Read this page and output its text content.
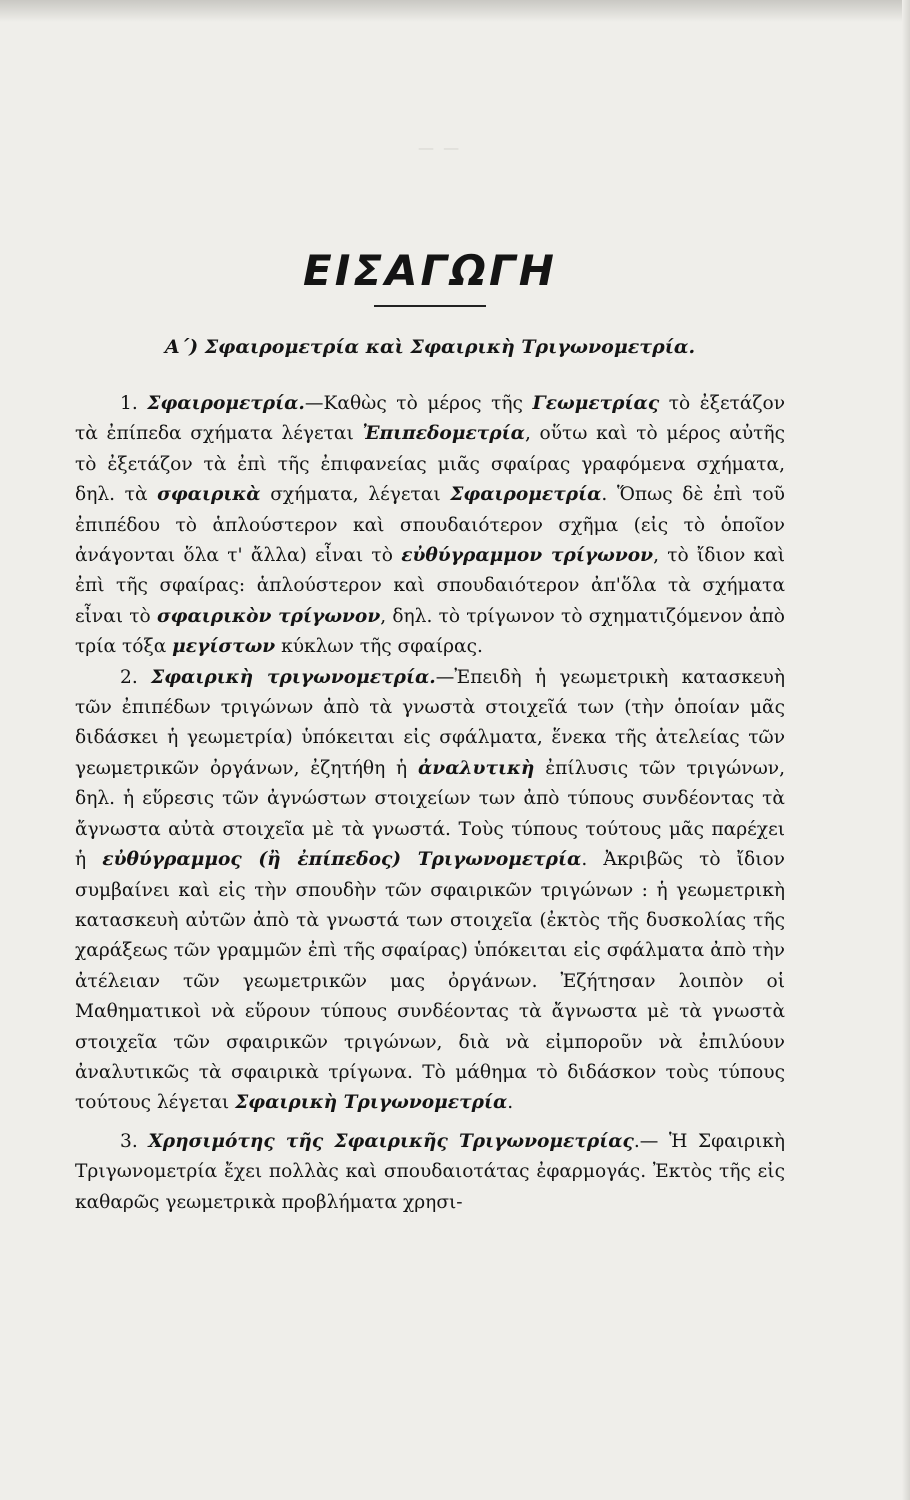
— —
ΕΙΣΑΓΩΓΗ
Α΄) Σφαιρομετρία καὶ Σφαιρικὴ Τριγωνομετρία.

1. Σφαιρομετρία.—Καθὼς τὸ μέρος τῆς Γεωμετρίας τὸ ἐξετάζον τὰ ἐπίπεδα σχήματα λέγεται Ἐπιπεδομετρία, οὕτω καὶ τὸ μέρος αὐτῆς τὸ ἐξετάζον τὰ ἐπὶ τῆς ἐπιφανείας μιᾶς σφαίρας γραφόμενα σχήματα, δηλ. τὰ σφαιρικὰ σχήματα, λέγεται Σφαιρομετρία. Ὅπως δὲ ἐπὶ τοῦ ἐπιπέδου τὸ ἁπλούστερον καὶ σπουδαιότερον σχῆμα (εἰς τὸ ὁποῖον ἀνάγονται ὅλα τ' ἄλλα) εἶναι τὸ εὐθύγραμμον τρίγωνον, τὸ ἴδιον καὶ ἐπὶ τῆς σφαίρας: ἁπλούστερον καὶ σπουδαιότερον ἀπ'ὅλα τὰ σχήματα εἶναι τὸ σφαιρικὸν τρίγωνον, δηλ. τὸ τρίγωνον τὸ σχηματιζόμενον ἀπὸ τρία τόξα μεγίστων κύκλων τῆς σφαίρας.

2. Σφαιρικὴ τριγωνομετρία.—Ἐπειδὴ ἡ γεωμετρικὴ κατασκευὴ τῶν ἐπιπέδων τριγώνων ἀπὸ τὰ γνωστὰ στοιχεῖά των (τὴν ὁποίαν μᾶς διδάσκει ἡ γεωμετρία) ὑπόκειται εἰς σφάλματα, ἕνεκα τῆς ἀτελείας τῶν γεωμετρικῶν ὀργάνων, ἐζητήθη ἡ ἀναλυτικὴ ἐπίλυσις τῶν τριγώνων, δηλ. ἡ εὕρεσις τῶν ἀγνώστων στοιχείων των ἀπὸ τύπους συνδέοντας τὰ ἄγνωστα αὐτὰ στοιχεῖα μὲ τὰ γνωστά. Τοὺς τύπους τούτους μᾶς παρέχει ἡ εὐθύγραμμος (ἢ ἐπίπεδος) Τριγωνομετρία. Ἀκριβῶς τὸ ἴδιον συμβαίνει καὶ εἰς τὴν σπουδὴν τῶν σφαιρικῶν τριγώνων : ἡ γεωμετρικὴ κατασκευὴ αὐτῶν ἀπὸ τὰ γνωστά των στοιχεῖα (ἐκτὸς τῆς δυσκολίας τῆς χαράξεως τῶν γραμμῶν ἐπὶ τῆς σφαίρας) ὑπόκειται εἰς σφάλματα ἀπὸ τὴν ἀτέλειαν τῶν γεωμετρικῶν μας ὀργάνων. Ἐζήτησαν λοιπὸν οἱ Μαθηματικοὶ νὰ εὕρουν τύπους συνδέοντας τὰ ἄγνωστα μὲ τὰ γνωστὰ στοιχεῖα τῶν σφαιρικῶν τριγώνων, διὰ νὰ εἰμποροῦν νὰ ἐπιλύουν ἀναλυτικῶς τὰ σφαιρικὰ τρίγωνα. Τὸ μάθημα τὸ διδάσκον τοὺς τύπους τούτους λέγεται Σφαιρικὴ Τριγωνομετρία.

3. Χρησιμότης τῆς Σφαιρικῆς Τριγωνομετρίας.— Ἡ Σφαιρικὴ Τριγωνομετρία ἔχει πολλὰς καὶ σπουδαιοτάτας ἐφαρμογάς. Ἐκτὸς τῆς εἰς καθαρῶς γεωμετρικὰ προβλήματα χρησι-
